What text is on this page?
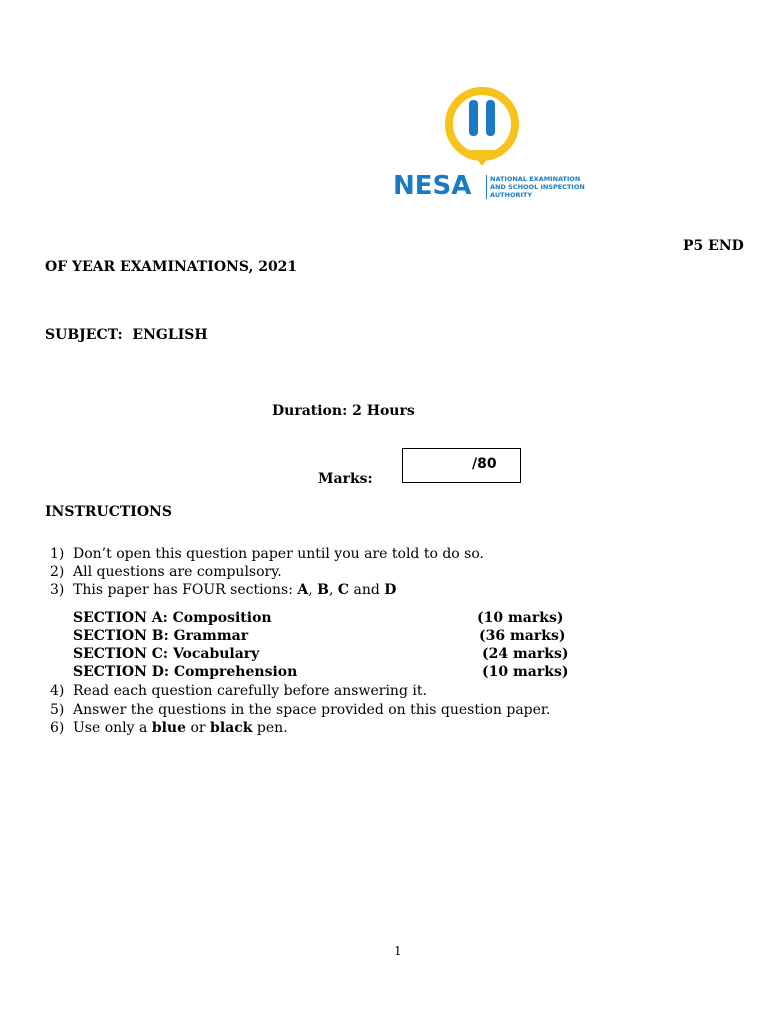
NESA	NATIONAL EXAMINATION
AND SCHOOL INSPECTION
AUTHORITY
P5 END
OF YEAR EXAMINATIONS, 2021
SUBJECT:  ENGLISH
Duration: 2 Hours
Marks:
/80
INSTRUCTIONS
1) Don’t open this question paper until you are told to do so.
2) All questions are compulsory.
3) This paper has FOUR sections: A, B, C and D
SECTION A: Composition	(10 marks)
SECTION B: Grammar	(36 marks)
SECTION C: Vocabulary	(24 marks)
SECTION D: Comprehension	(10 marks)
4) Read each question carefully before answering it.
5) Answer the questions in the space provided on this question paper.
6) Use only a blue or black pen.
1
